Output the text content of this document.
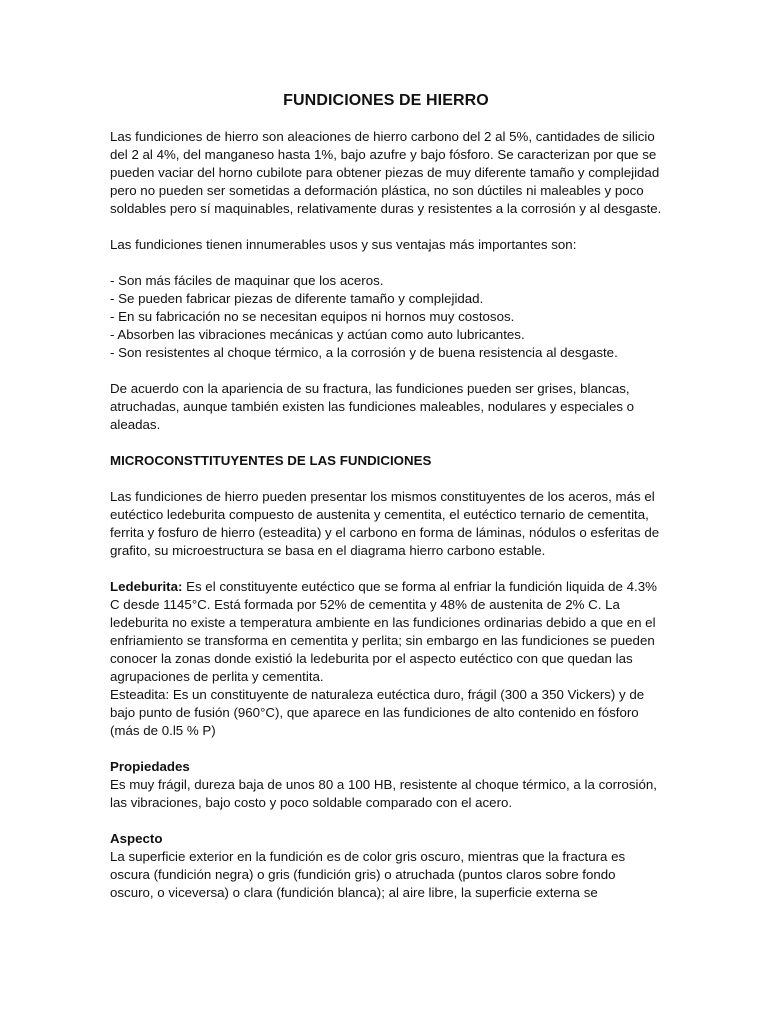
FUNDICIONES DE HIERRO

Las fundiciones de hierro son aleaciones de hierro carbono del 2 al 5%, cantidades de silicio del 2 al 4%, del manganeso hasta 1%, bajo azufre y bajo fósforo. Se caracterizan por que se pueden vaciar del horno cubilote para obtener piezas de muy diferente tamaño y complejidad pero no pueden ser sometidas a deformación plástica, no son dúctiles ni maleables y poco soldables pero sí maquinables, relativamente duras y resistentes a la corrosión y al desgaste.

Las fundiciones tienen innumerables usos y sus ventajas más importantes son:

- Son más fáciles de maquinar que los aceros.
- Se pueden fabricar piezas de diferente tamaño y complejidad.
- En su fabricación no se necesitan equipos ni hornos muy costosos.
- Absorben las vibraciones mecánicas y actúan como auto lubricantes.
- Son resistentes al choque térmico, a la corrosión y de buena resistencia al desgaste.

De acuerdo con la apariencia de su fractura, las fundiciones pueden ser grises, blancas, atruchadas, aunque también existen las fundiciones maleables, nodulares y especiales o aleadas.

MICROCONSTTITUYENTES DE LAS FUNDICIONES

Las fundiciones de hierro pueden presentar los mismos constituyentes de los aceros, más el eutéctico ledeburita compuesto de austenita y cementita, el eutéctico ternario de cementita, ferrita y fosfuro de hierro (esteadita) y el carbono en forma de láminas, nódulos o esferitas de grafito, su microestructura se basa en el diagrama hierro carbono estable.

Ledeburita: Es el constituyente eutéctico que se forma al enfriar la fundición liquida de 4.3% C desde 1145°C. Está formada por 52% de cementita y 48% de austenita de 2% C. La ledeburita no existe a temperatura ambiente en las fundiciones ordinarias debido a que en el enfriamiento se transforma en cementita y perlita; sin embargo en las fundiciones se pueden conocer la zonas donde existió la ledeburita por el aspecto eutéctico con que quedan las agrupaciones de perlita y cementita.

Esteadita: Es un constituyente de naturaleza eutéctica duro, frágil (300 a 350 Vickers) y de bajo punto de fusión (960°C), que aparece en las fundiciones de alto contenido en fósforo (más de 0.l5 % P)

Propiedades

Es muy frágil, dureza baja de unos 80 a 100 HB, resistente al choque térmico, a la corrosión, las vibraciones, bajo costo y poco soldable comparado con el acero.

Aspecto

La superficie exterior en la fundición es de color gris oscuro, mientras que la fractura es oscura (fundición negra) o gris (fundición gris) o atruchada (puntos claros sobre fondo oscuro, o viceversa) o clara (fundición blanca); al aire libre, la superficie externa se
